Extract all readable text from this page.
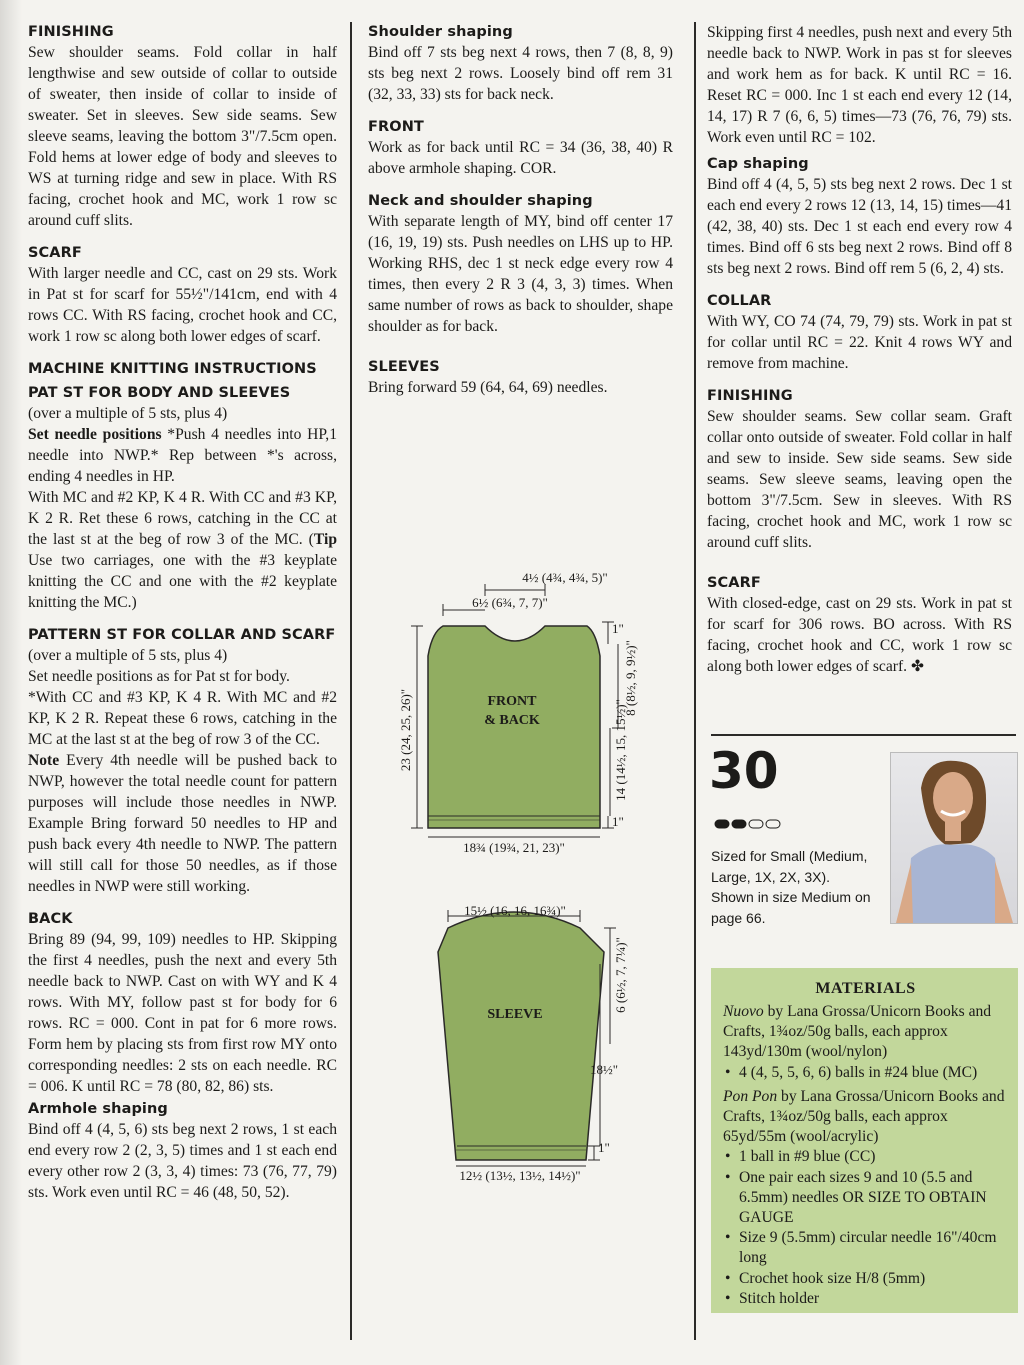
FINISHING

Sew shoulder seams. Fold collar in half lengthwise and sew outside of collar to outside of sweater, then inside of collar to inside of sweater. Set in sleeves. Sew side seams. Sew sleeve seams, leaving the bottom 3"/7.5cm open. Fold hems at lower edge of body and sleeves to WS at turning ridge and sew in place. With RS facing, crochet hook and MC, work 1 row sc around cuff slits.

SCARF

With larger needle and CC, cast on 29 sts. Work in Pat st for scarf for 55½"/141cm, end with 4 rows CC. With RS facing, crochet hook and CC, work 1 row sc along both lower edges of scarf.

MACHINE KNITTING INSTRUCTIONS
PAT ST FOR BODY AND SLEEVES

(over a multiple of 5 sts, plus 4)

Set needle positions *Push 4 needles into HP,1 needle into NWP.* Rep between *'s across, ending 4 needles in HP.

With MC and #2 KP, K 4 R. With CC and #3 KP, K 2 R. Ret these 6 rows, catching in the CC at the last st at the beg of row 3 of the MC. (Tip Use two carriages, one with the #3 keyplate knitting the CC and one with the #2 keyplate knitting the MC.)

PATTERN ST FOR COLLAR AND SCARF

(over a multiple of 5 sts, plus 4)

Set needle positions as for Pat st for body.

*With CC and #3 KP, K 4 R. With MC and #2 KP, K 2 R. Repeat these 6 rows, catching in the MC at the last st at the beg of row 3 of the CC.

Note Every 4th needle will be pushed back to NWP, however the total needle count for pattern purposes will include those needles in NWP. Example Bring forward 50 needles to HP and push back every 4th needle to NWP. The pattern will still call for those 50 needles, as if those needles in NWP were still working.

BACK

Bring 89 (94, 99, 109) needles to HP. Skipping the first 4 needles, push the next and every 5th needle back to NWP. Cast on with WY and K 4 rows. With MY, follow past st for body for 6 rows. RC = 000. Cont in pat for 6 more rows. Form hem by placing sts from first row MY onto corresponding needles: 2 sts on each needle. RC = 006. K until RC = 78 (80, 82, 86) sts.

Armhole shaping

Bind off 4 (4, 5, 6) sts beg next 2 rows, 1 st each end every row 2 (2, 3, 5) times and 1 st each end every other row 2 (3, 3, 4) times: 73 (76, 77, 79) sts. Work even until RC = 46 (48, 50, 52).

Shoulder shaping

Bind off 7 sts beg next 4 rows, then 7 (8, 8, 9) sts beg next 2 rows. Loosely bind off rem 31 (32, 33, 33) sts for back neck.

FRONT

Work as for back until RC = 34 (36, 38, 40) R above armhole shaping. COR.

Neck and shoulder shaping

With separate length of MY, bind off center 17 (16, 19, 19) sts. Push needles on LHS up to HP. Working RHS, dec 1 st neck edge every row 4 times, then every 2 R 3 (4, 3, 3) times. When same number of rows as back to shoulder, shape shoulder as for back.

SLEEVES

Bring forward 59 (64, 64, 69) needles.

FRONT
& BACK
4½ (4¾, 4¾, 5)"
6½ (6¾, 7, 7)"
1"
8 (8½, 9, 9½)"
14 (14½, 15, 15½)"
1"
23 (24, 25, 26)"
18¾ (19¾, 21, 23)"
SLEEVE
15½ (16, 16, 16¾)"
6 (6½, 7, 7¼)"
18½"
1"
12½ (13½, 13½, 14½)"

Skipping first 4 needles, push next and every 5th needle back to NWP. Work in pas st for sleeves and work hem as for back. K until RC = 16. Reset RC = 000. Inc 1 st each end every 12 (14, 14, 17) R 7 (6, 6, 5) times—73 (76, 76, 79) sts. Work even until RC = 102.

Cap shaping

Bind off 4 (4, 5, 5) sts beg next 2 rows. Dec 1 st each end every 2 rows 12 (13, 14, 15) times—41 (42, 38, 40) sts. Dec 1 st each end every row 4 times. Bind off 6 sts beg next 2 rows. Bind off 8 sts beg next 2 rows. Bind off rem 5 (6, 2, 4) sts.

COLLAR

With WY, CO 74 (74, 79, 79) sts. Work in pat st for collar until RC = 22. Knit 4 rows WY and remove from machine.

FINISHING

Sew shoulder seams. Sew collar seam. Graft collar onto outside of sweater. Fold collar in half and sew to inside. Sew side seams. Sew side seams. Sew sleeve seams, leaving open the bottom 3"/7.5cm. Sew in sleeves. With RS facing, crochet hook and MC, work 1 row sc around cuff slits.

SCARF

With closed-edge, cast on 29 sts. Work in pat st for scarf for 306 rows. BO across. With RS facing, crochet hook and CC, work 1 row sc along both lower edges of scarf. ✤

30
Sized for Small (Medium, Large, 1X, 2X, 3X).
Shown in size Medium on page 66.
MATERIALS

Nuovo by Lana Grossa/Unicorn Books and Crafts, 1¾oz/50g balls, each approx 143yd/130m (wool/nylon)

• 4 (4, 5, 5, 6, 6) balls in #24 blue (MC)

Pon Pon by Lana Grossa/Unicorn Books and Crafts, 1¾oz/50g balls, each approx 65yd/55m (wool/acrylic)

• 1 ball in #9 blue (CC)
• One pair each sizes 9 and 10 (5.5 and 6.5mm) needles OR SIZE TO OBTAIN GAUGE
• Size 9 (5.5mm) circular needle 16"/40cm long
• Crochet hook size H/8 (5mm)
• Stitch holder
